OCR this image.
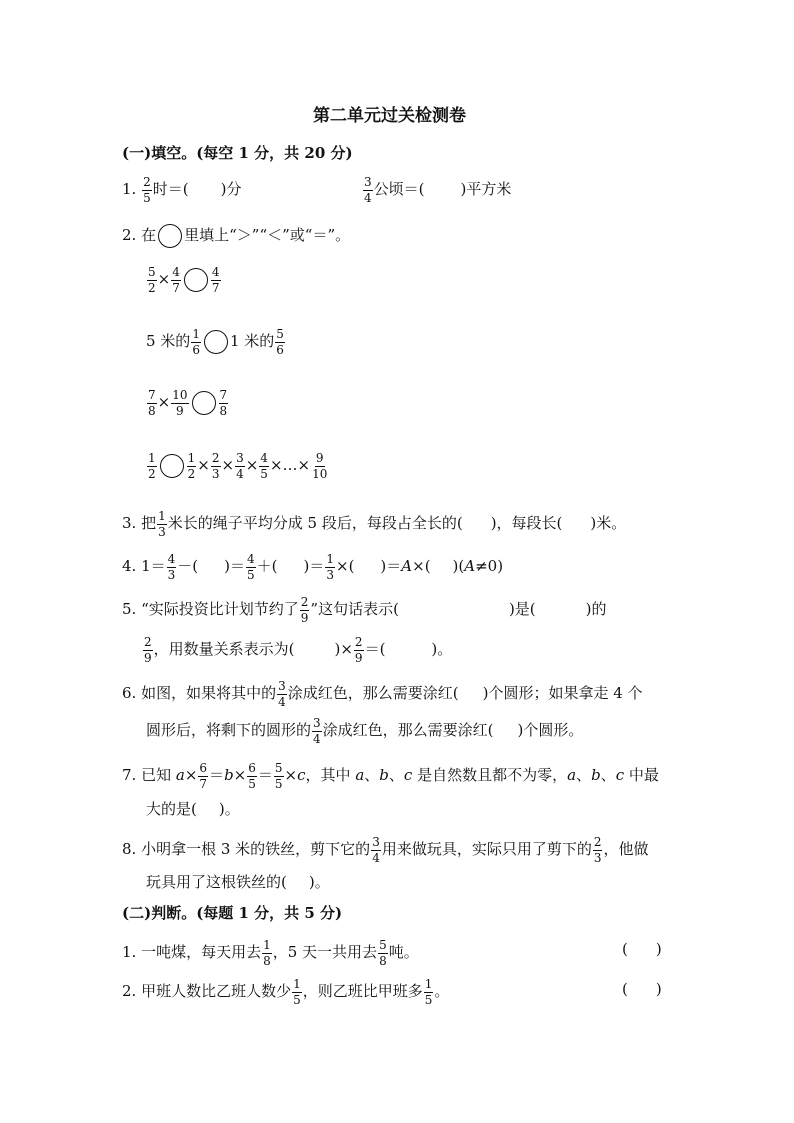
第二单元过关检测卷
(一)填空。(每空 1 分，共 20 分)
1. $\frac{2}{5}$ 时＝( )分	$\frac{3}{4}$ 公顷＝( )平方米
2. 在 里填上“＞”“＜”或“＝”。
$\frac{5}{2} \times \frac{4}{7}$	$\frac{4}{7}$
5 米的 $\frac{1}{6} 1$ 米的 $\frac{5}{6}$
$\frac{7}{8} \times \frac{10}{9}$	$\frac{7}{8}$
$\frac{1}{2}$	$\frac{1}{2} \times \frac{2}{3} \times \frac{3}{4} \times \frac{4}{5}$ ×…× $\frac{9}{10}$
3. 把 $\frac{1}{3}$ 米长的绳子平均分成 5 段后，每段占全长的( )，每段长( )米。
4. $1= \frac{4}{3}$ －( )＝ $\frac{4}{5}$ ＋( )＝ $\frac{1}{3}$ ×( )＝A×( )(A≠0)
5. “实际投资比计划节约了 $\frac{2}{9}$ ”这句话表示(	)是(	)的
$\frac{2}{9}$ ，用数量关系表示为(	)× $\frac{2}{9}$ ＝(	)。
6. 如图，如果将其中的 $\frac{3}{4}$ 涂成红色，那么需要涂红( )个圆形；如果拿走 4 个
圆形后，将剩下的圆形的 $\frac{3}{4}$ 涂成红色，那么需要涂红( )个圆形。
7. 已知 $a\times \frac{6}{7} =b\times \frac{6}{5} = \frac{5}{5} \times c$，其中 a、b、c 是自然数且都不为零，a、b、c 中最
大的是( )。
8. 小明拿一根 3 米的铁丝，剪下它的 $\frac{3}{4}$ 用来做玩具，实际只用了剪下的 $\frac{2}{3}$ ，他做
玩具用了这根铁丝的( )。
(二)判断。(每题 1 分，共 5 分)
1. 一吨煤，每天用去 $\frac{1}{8}$ ，5 天一共用去 $\frac{5}{8}$ 吨。	( )
2. 甲班人数比乙班人数少 $\frac{1}{5}$ ，则乙班比甲班多 $\frac{1}{5}$ 。	( )
